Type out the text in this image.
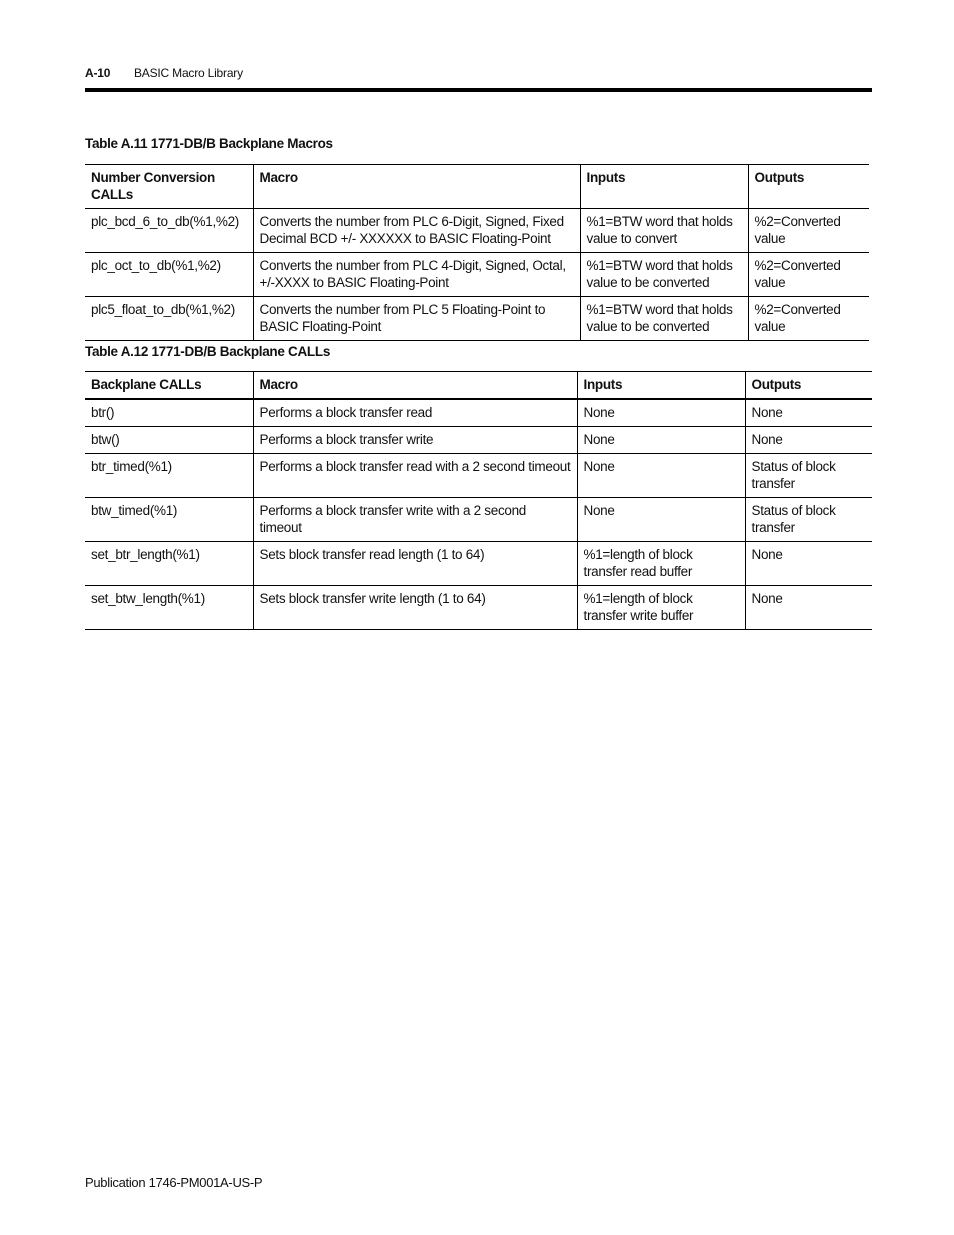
A-10 BASIC Macro Library
Table A.11 1771-DB/B Backplane Macros
Number Conversion CALLs	Macro	Inputs	Outputs
plc_bcd_6_to_db(%1,%2)	Converts the number from PLC 6-Digit, Signed, Fixed Decimal BCD +/- XXXXXX to BASIC Floating-Point	%1=BTW word that holds value to convert	%2=Converted value
plc_oct_to_db(%1,%2)	Converts the number from PLC 4-Digit, Signed, Octal, +/-XXXX to BASIC Floating-Point	%1=BTW word that holds value to be converted	%2=Converted value
plc5_float_to_db(%1,%2)	Converts the number from PLC 5 Floating-Point to BASIC Floating-Point	%1=BTW word that holds value to be converted	%2=Converted value
Table A.12 1771-DB/B Backplane CALLs
Backplane CALLs	Macro	Inputs	Outputs
btr()	Performs a block transfer read	None	None
btw()	Performs a block transfer write	None	None
btr_timed(%1)	Performs a block transfer read with a 2 second timeout	None	Status of block transfer
btw_timed(%1)	Performs a block transfer write with a 2 second timeout	None	Status of block transfer
set_btr_length(%1)	Sets block transfer read length (1 to 64)	%1=length of block transfer read buffer	None
set_btw_length(%1)	Sets block transfer write length (1 to 64)	%1=length of block transfer write buffer	None
Publication 1746-PM001A-US-P
